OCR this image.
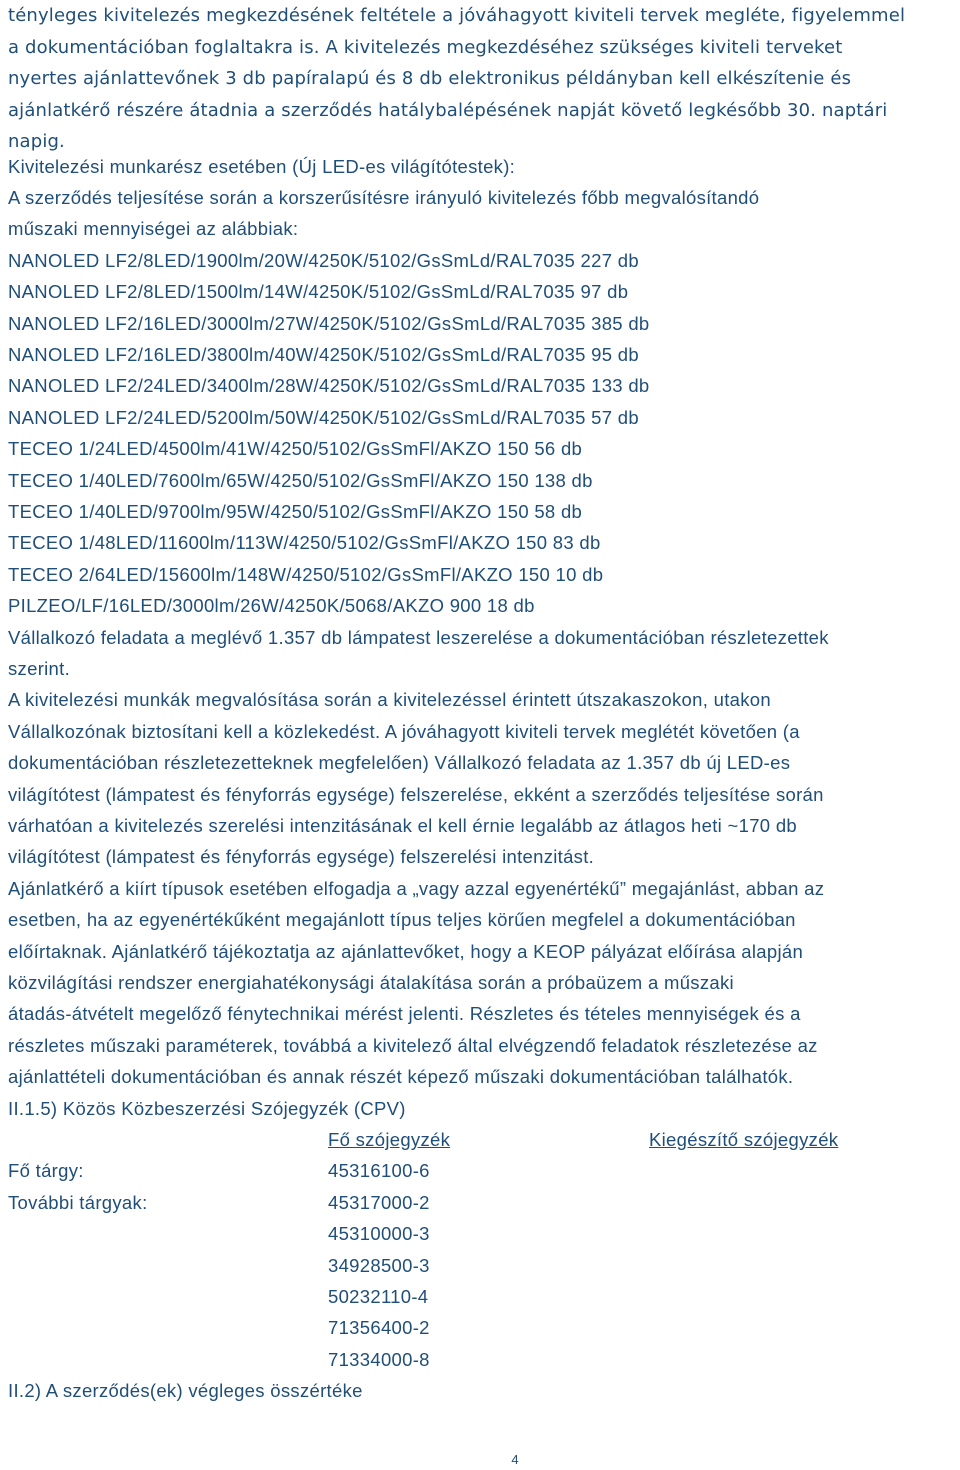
tényleges kivitelezés megkezdésének feltétele a jóváhagyott kiviteli tervek megléte, figyelemmel

a dokumentációban foglaltakra is. A kivitelezés megkezdéséhez szükséges kiviteli terveket

nyertes ajánlattevőnek 3 db papíralapú és 8 db elektronikus példányban kell elkészítenie és

ajánlatkérő részére átadnia a szerződés hatálybalépésének napját követő legkésőbb 30. naptári

napig.

Kivitelezési munkarész esetében (Új LED-es világítótestek):

A szerződés teljesítése során a korszerűsítésre irányuló kivitelezés főbb megvalósítandó

műszaki mennyiségei az alábbiak:

NANOLED LF2/8LED/1900lm/20W/4250K/5102/GsSmLd/RAL7035 227 db

NANOLED LF2/8LED/1500lm/14W/4250K/5102/GsSmLd/RAL7035 97 db

NANOLED LF2/16LED/3000lm/27W/4250K/5102/GsSmLd/RAL7035 385 db

NANOLED LF2/16LED/3800lm/40W/4250K/5102/GsSmLd/RAL7035 95 db

NANOLED LF2/24LED/3400lm/28W/4250K/5102/GsSmLd/RAL7035 133 db

NANOLED LF2/24LED/5200lm/50W/4250K/5102/GsSmLd/RAL7035 57 db

TECEO 1/24LED/4500lm/41W/4250/5102/GsSmFl/AKZO 150 56 db

TECEO 1/40LED/7600lm/65W/4250/5102/GsSmFl/AKZO 150 138 db

TECEO 1/40LED/9700lm/95W/4250/5102/GsSmFl/AKZO 150 58 db

TECEO 1/48LED/11600lm/113W/4250/5102/GsSmFl/AKZO 150 83 db

TECEO 2/64LED/15600lm/148W/4250/5102/GsSmFl/AKZO 150 10 db

PILZEO/LF/16LED/3000lm/26W/4250K/5068/AKZO 900 18 db

Vállalkozó feladata a meglévő 1.357 db lámpatest leszerelése a dokumentációban részletezettek

szerint.

A kivitelezési munkák megvalósítása során a kivitelezéssel érintett útszakaszokon, utakon

Vállalkozónak biztosítani kell a közlekedést. A jóváhagyott kiviteli tervek meglétét követően (a

dokumentációban részletezetteknek megfelelően) Vállalkozó feladata az 1.357 db új LED-es

világítótest (lámpatest és fényforrás egysége) felszerelése, ekként a szerződés teljesítése során

várhatóan a kivitelezés szerelési intenzitásának el kell érnie legalább az átlagos heti ~170 db

világítótest (lámpatest és fényforrás egysége) felszerelési intenzitást.

Ajánlatkérő a kiírt típusok esetében elfogadja a „vagy azzal egyenértékű” megajánlást, abban az

esetben, ha az egyenértékűként megajánlott típus teljes körűen megfelel a dokumentációban

előírtaknak. Ajánlatkérő tájékoztatja az ajánlattevőket, hogy a KEOP pályázat előírása alapján

közvilágítási rendszer energiahatékonysági átalakítása során a próbaüzem a műszaki

átadás-átvételt megelőző fénytechnikai mérést jelenti. Részletes és tételes mennyiségek és a

részletes műszaki paraméterek, továbbá a kivitelező által elvégzendő feladatok részletezése az

ajánlattételi dokumentációban és annak részét képező műszaki dokumentációban találhatók.

II.1.5) Közös Közbeszerzési Szójegyzék (CPV)

Fő szójegyzék	Kiegészítő szójegyzék
Fő tárgy:	45316100-6
További tárgyak:	45317000-2
45310000-3
34928500-3
50232110-4
71356400-2
71334000-8

II.2) A szerződés(ek) végleges összértéke

4
